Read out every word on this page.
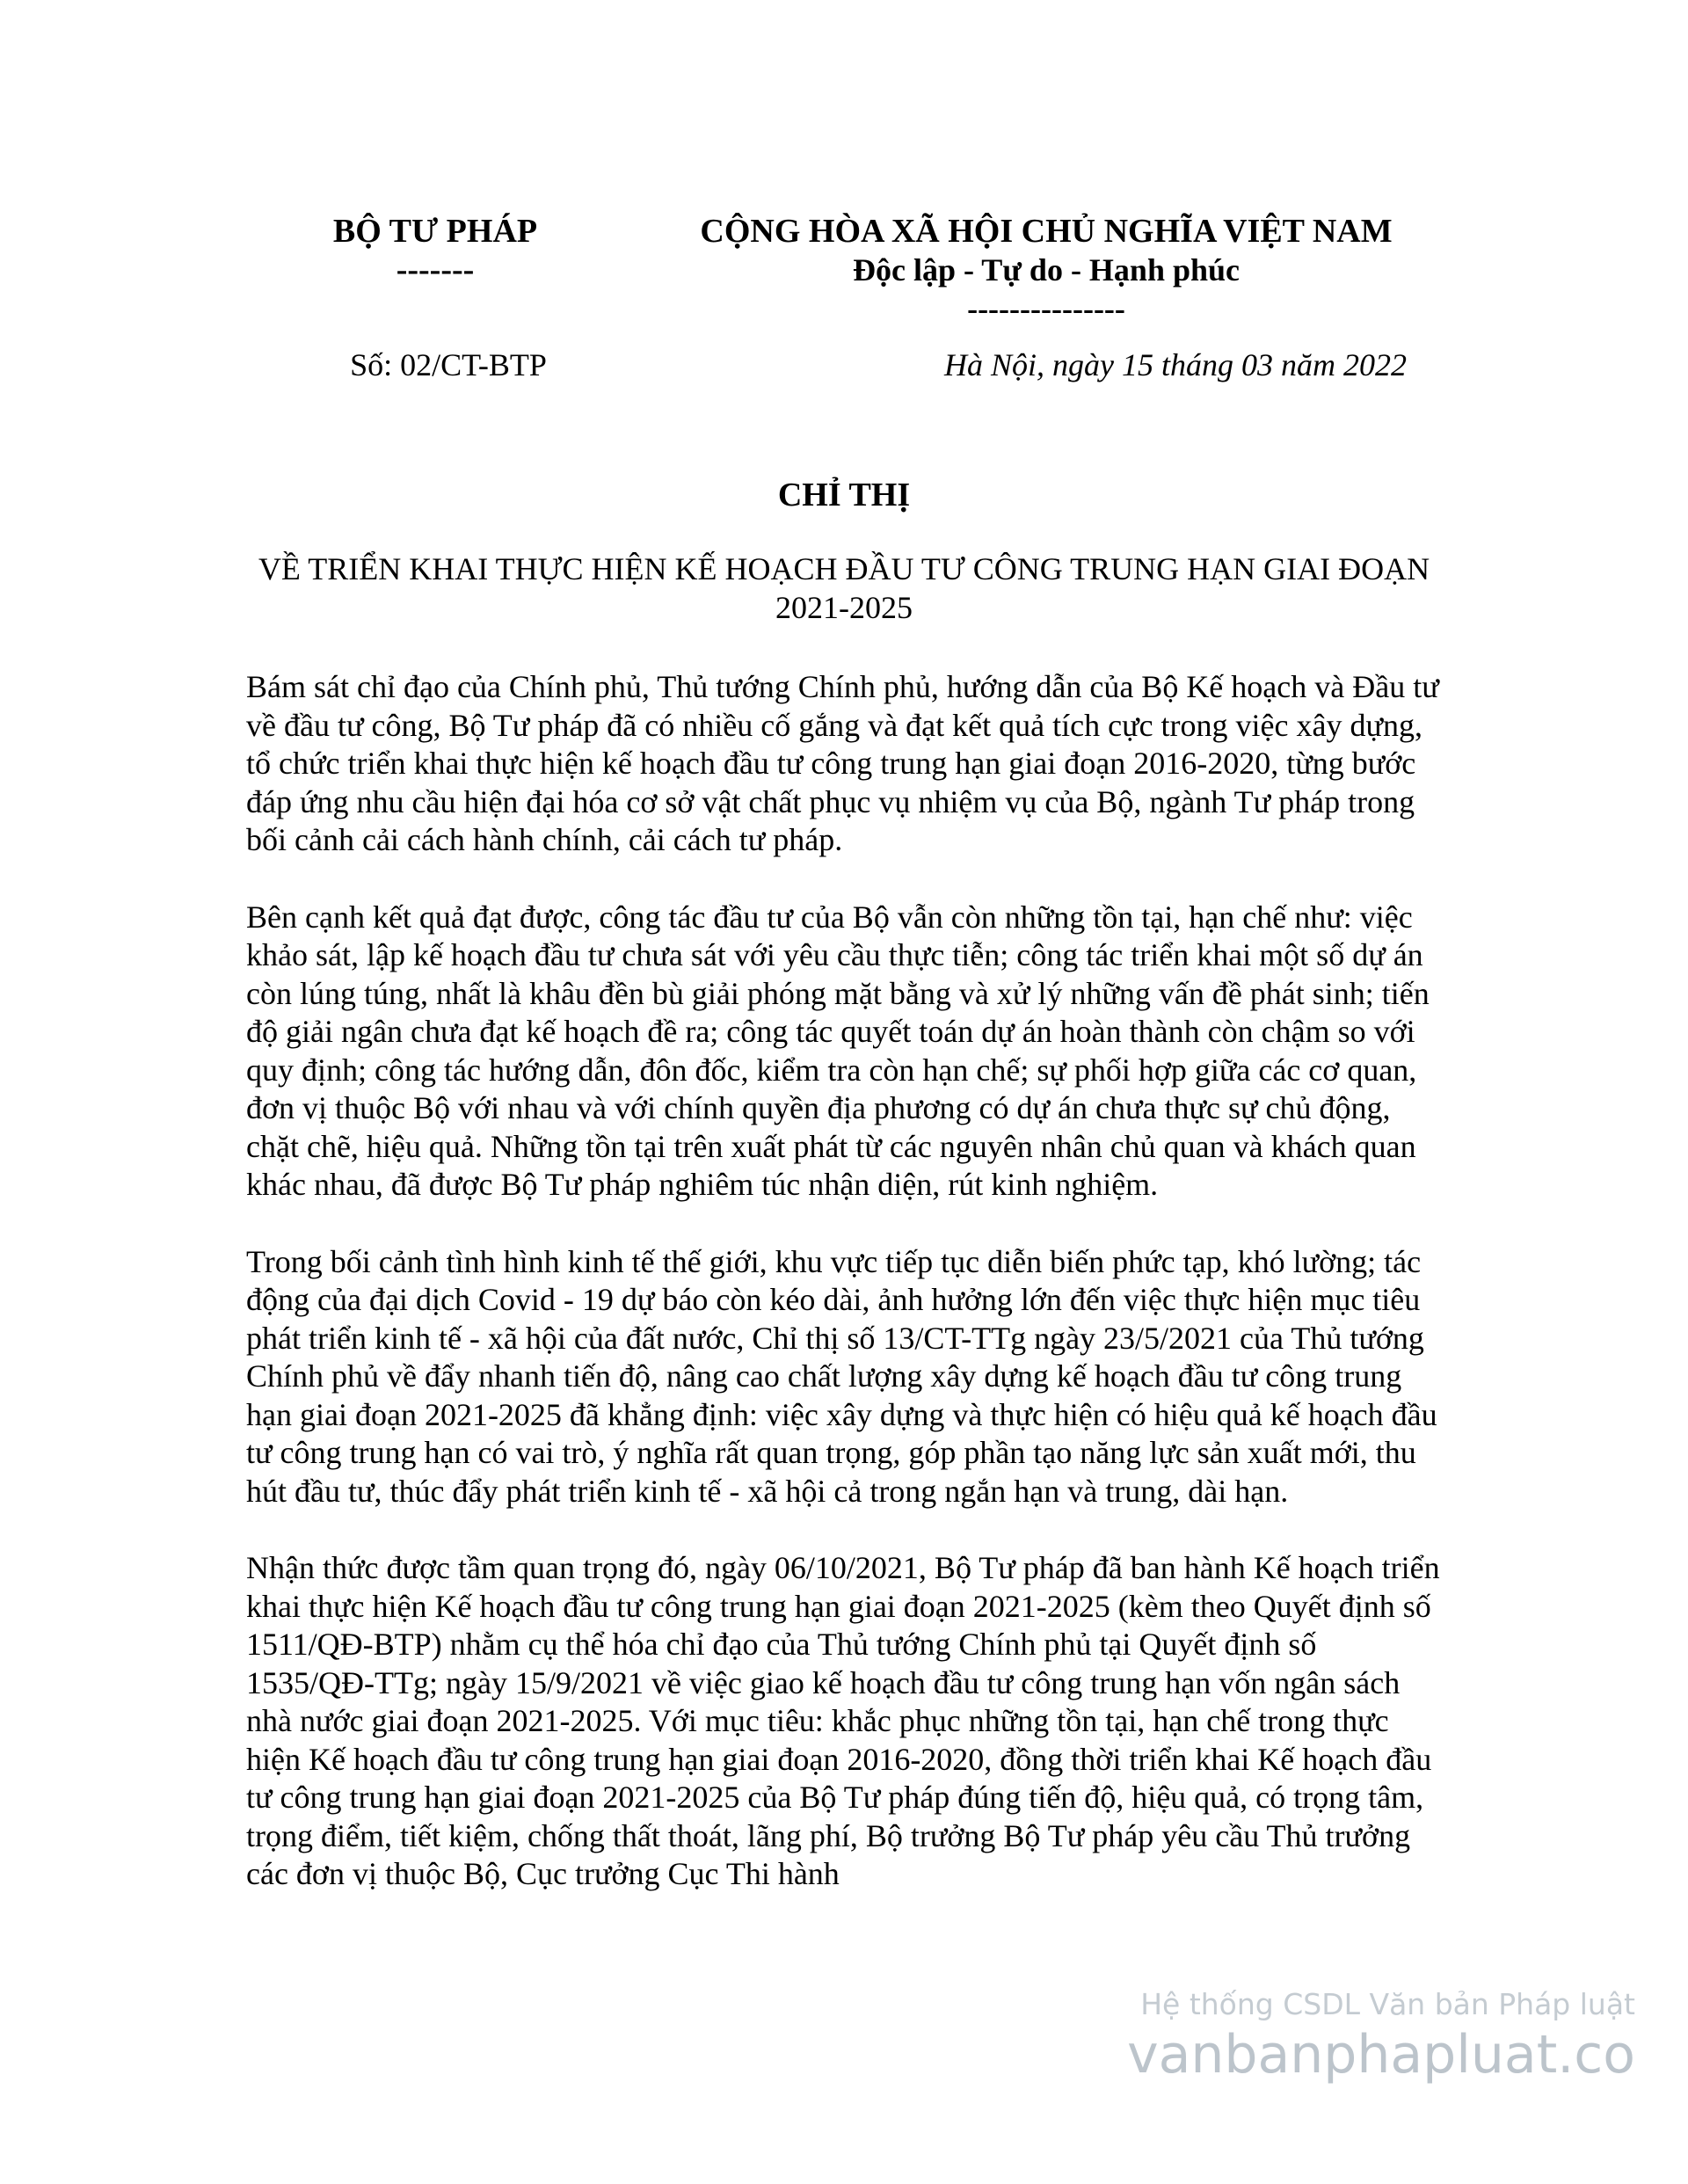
BỘ TƯ PHÁP
-------
CỘNG HÒA XÃ HỘI CHỦ NGHĨA VIỆT NAM
Độc lập - Tự do - Hạnh phúc
---------------
Số: 02/CT-BTP	Hà Nội, ngày 15 tháng 03 năm 2022
CHỈ THỊ
VỀ TRIỂN KHAI THỰC HIỆN KẾ HOẠCH ĐẦU TƯ CÔNG TRUNG HẠN GIAI ĐOẠN 2021-2025

Bám sát chỉ đạo của Chính phủ, Thủ tướng Chính phủ, hướng dẫn của Bộ Kế hoạch và Đầu tư về đầu tư công, Bộ Tư pháp đã có nhiều cố gắng và đạt kết quả tích cực trong việc xây dựng, tổ chức triển khai thực hiện kế hoạch đầu tư công trung hạn giai đoạn 2016-2020, từng bước đáp ứng nhu cầu hiện đại hóa cơ sở vật chất phục vụ nhiệm vụ của Bộ, ngành Tư pháp trong bối cảnh cải cách hành chính, cải cách tư pháp.

Bên cạnh kết quả đạt được, công tác đầu tư của Bộ vẫn còn những tồn tại, hạn chế như: việc khảo sát, lập kế hoạch đầu tư chưa sát với yêu cầu thực tiễn; công tác triển khai một số dự án còn lúng túng, nhất là khâu đền bù giải phóng mặt bằng và xử lý những vấn đề phát sinh; tiến độ giải ngân chưa đạt kế hoạch đề ra; công tác quyết toán dự án hoàn thành còn chậm so với quy định; công tác hướng dẫn, đôn đốc, kiểm tra còn hạn chế; sự phối hợp giữa các cơ quan, đơn vị thuộc Bộ với nhau và với chính quyền địa phương có dự án chưa thực sự chủ động, chặt chẽ, hiệu quả. Những tồn tại trên xuất phát từ các nguyên nhân chủ quan và khách quan khác nhau, đã được Bộ Tư pháp nghiêm túc nhận diện, rút kinh nghiệm.

Trong bối cảnh tình hình kinh tế thế giới, khu vực tiếp tục diễn biến phức tạp, khó lường; tác động của đại dịch Covid - 19 dự báo còn kéo dài, ảnh hưởng lớn đến việc thực hiện mục tiêu phát triển kinh tế - xã hội của đất nước, Chỉ thị số 13/CT-TTg ngày 23/5/2021 của Thủ tướng Chính phủ về đẩy nhanh tiến độ, nâng cao chất lượng xây dựng kế hoạch đầu tư công trung hạn giai đoạn 2021-2025 đã khẳng định: việc xây dựng và thực hiện có hiệu quả kế hoạch đầu tư công trung hạn có vai trò, ý nghĩa rất quan trọng, góp phần tạo năng lực sản xuất mới, thu hút đầu tư, thúc đẩy phát triển kinh tế - xã hội cả trong ngắn hạn và trung, dài hạn.

Nhận thức được tầm quan trọng đó, ngày 06/10/2021, Bộ Tư pháp đã ban hành Kế hoạch triển khai thực hiện Kế hoạch đầu tư công trung hạn giai đoạn 2021-2025 (kèm theo Quyết định số 1511/QĐ-BTP) nhằm cụ thể hóa chỉ đạo của Thủ tướng Chính phủ tại Quyết định số 1535/QĐ-TTg; ngày 15/9/2021 về việc giao kế hoạch đầu tư công trung hạn vốn ngân sách nhà nước giai đoạn 2021-2025. Với mục tiêu: khắc phục những tồn tại, hạn chế trong thực hiện Kế hoạch đầu tư công trung hạn giai đoạn 2016-2020, đồng thời triển khai Kế hoạch đầu tư công trung hạn giai đoạn 2021-2025 của Bộ Tư pháp đúng tiến độ, hiệu quả, có trọng tâm, trọng điểm, tiết kiệm, chống thất thoát, lãng phí, Bộ trưởng Bộ Tư pháp yêu cầu Thủ trưởng các đơn vị thuộc Bộ, Cục trưởng Cục Thi hành

Hệ thống CSDL Văn bản Pháp luật
vanbanphapluat.co
